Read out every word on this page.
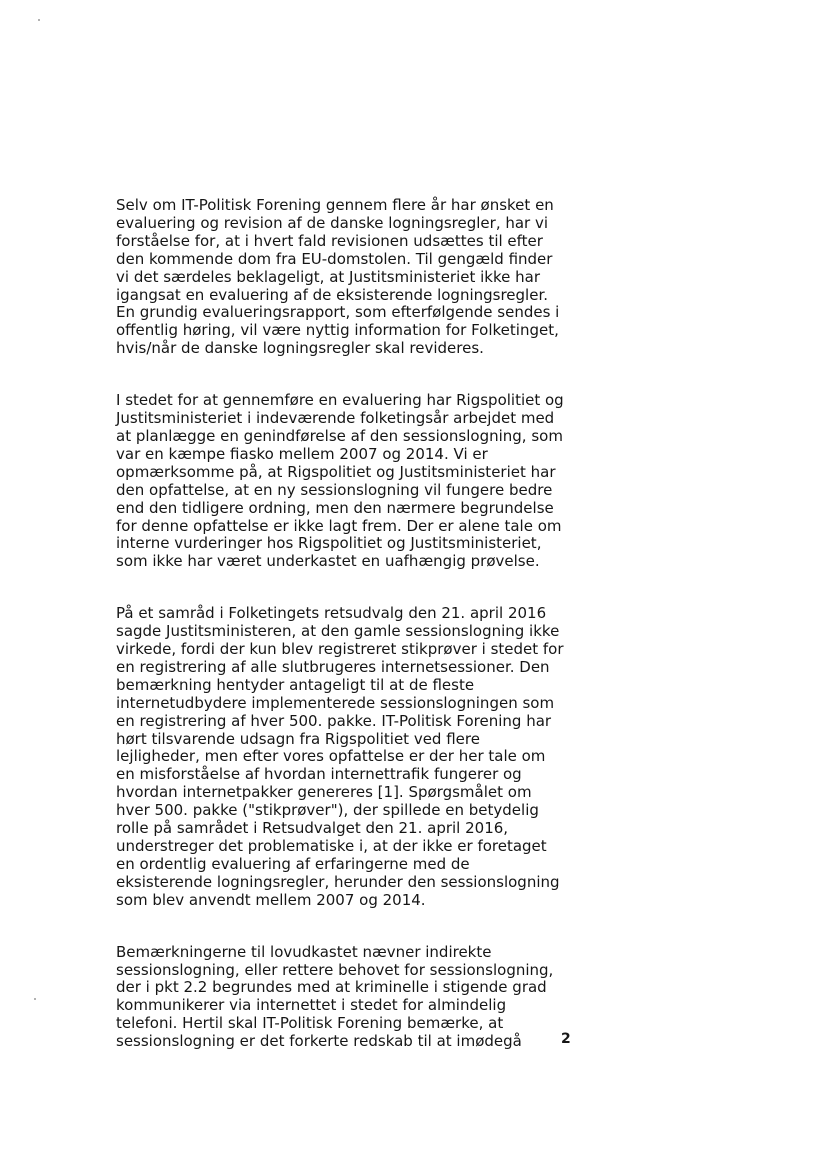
Selv om IT-Politisk Forening gennem flere år har ønsket en
evaluering og revision af de danske logningsregler, har vi
forståelse for, at i hvert fald revisionen udsættes til efter
den kommende dom fra EU-domstolen. Til gengæld finder
vi det særdeles beklageligt, at Justitsministeriet ikke har
igangsat en evaluering af de eksisterende logningsregler.
En grundig evalueringsrapport, som efterfølgende sendes i
offentlig høring, vil være nyttig information for Folketinget,
hvis/når de danske logningsregler skal revideres.

I stedet for at gennemføre en evaluering har Rigspolitiet og
Justitsministeriet i indeværende folketingsår arbejdet med
at planlægge en genindførelse af den sessionslogning, som
var en kæmpe fiasko mellem 2007 og 2014. Vi er
opmærksomme på, at Rigspolitiet og Justitsministeriet har
den opfattelse, at en ny sessionslogning vil fungere bedre
end den tidligere ordning, men den nærmere begrundelse
for denne opfattelse er ikke lagt frem. Der er alene tale om
interne vurderinger hos Rigspolitiet og Justitsministeriet,
som ikke har været underkastet en uafhængig prøvelse.

På et samråd i Folketingets retsudvalg den 21. april 2016
sagde Justitsministeren, at den gamle sessionslogning ikke
virkede, fordi der kun blev registreret stikprøver i stedet for
en registrering af alle slutbrugeres internetsessioner. Den
bemærkning hentyder antageligt til at de fleste
internetudbydere implementerede sessionslogningen som
en registrering af hver 500. pakke. IT-Politisk Forening har
hørt tilsvarende udsagn fra Rigspolitiet ved flere
lejligheder, men efter vores opfattelse er der her tale om
en misforståelse af hvordan internettrafik fungerer og
hvordan internetpakker genereres [1]. Spørgsmålet om
hver 500. pakke ("stikprøver"), der spillede en betydelig
rolle på samrådet i Retsudvalget den 21. april 2016,
understreger det problematiske i, at der ikke er foretaget
en ordentlig evaluering af erfaringerne med de
eksisterende logningsregler, herunder den sessionslogning
som blev anvendt mellem 2007 og 2014.

Bemærkningerne til lovudkastet nævner indirekte
sessionslogning, eller rettere behovet for sessionslogning,
der i pkt 2.2 begrundes med at kriminelle i stigende grad
kommunikerer via internettet i stedet for almindelig
telefoni. Hertil skal IT-Politisk Forening bemærke, at
sessionslogning er det forkerte redskab til at imødegå	2
